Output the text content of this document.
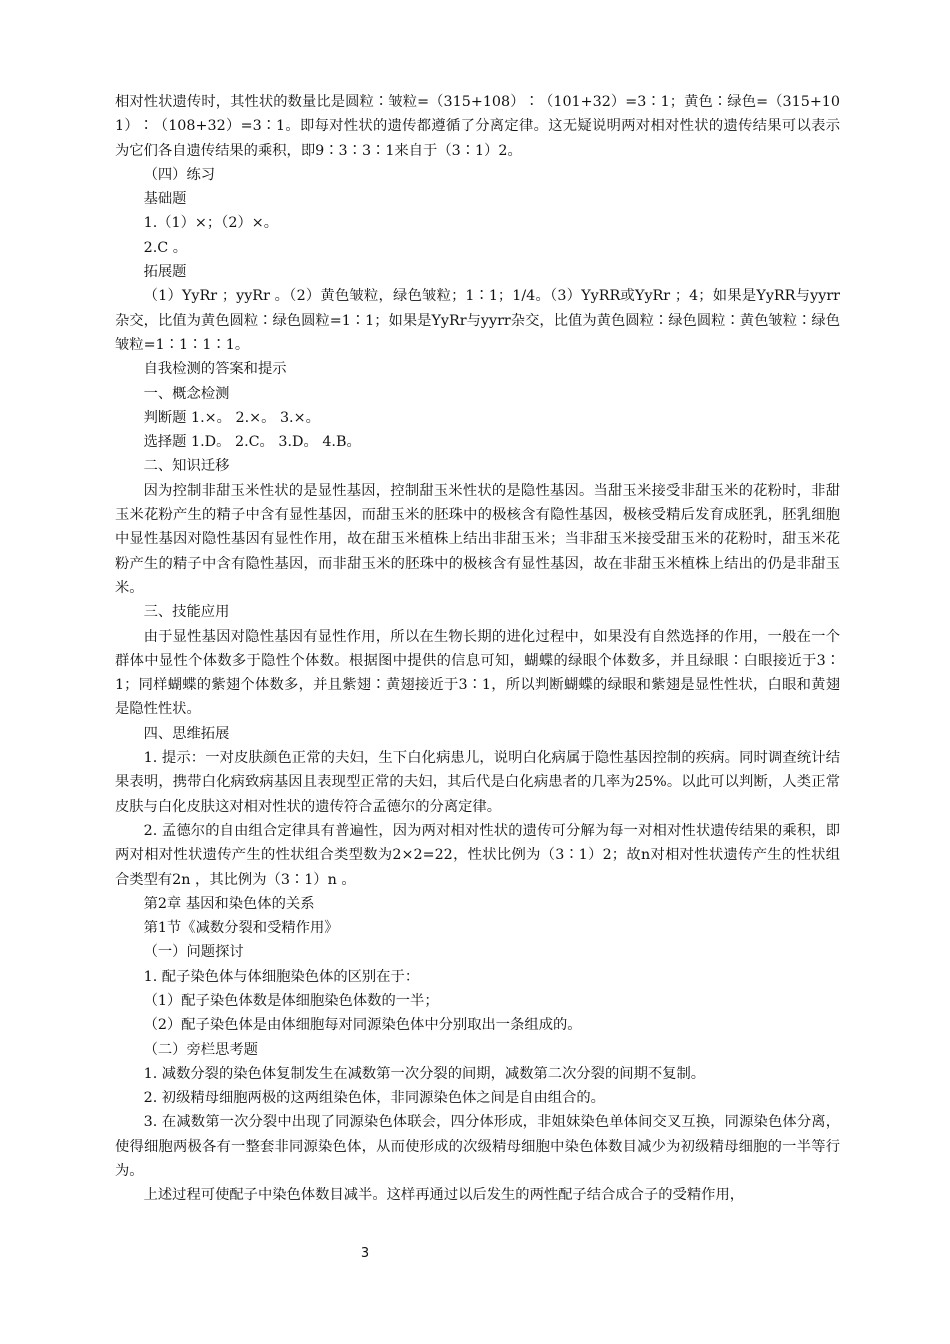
相对性状遗传时，其性状的数量比是圆粒∶皱粒=（315+108）∶（101+32）=3∶1；黄色∶绿色=（315+101）∶（108+32）=3∶1。即每对性状的遗传都遵循了分离定律。这无疑说明两对相对性状的遗传结果可以表示为它们各自遗传结果的乘积，即9∶3∶3∶1来自于（3∶1）2。

（四）练习

基础题

1.（1）×；（2）×。

2.C 。

拓展题

（1）YyRr ；yyRr 。（2）黄色皱粒，绿色皱粒；1∶1；1/4。（3）YyRR或YyRr ；4；如果是YyRR与yyrr杂交，比值为黄色圆粒∶绿色圆粒=1∶1；如果是YyRr与yyrr杂交，比值为黄色圆粒∶绿色圆粒∶黄色皱粒∶绿色皱粒=1∶1∶1∶1。

自我检测的答案和提示

一、概念检测

判断题 1.×。 2.×。 3.×。

选择题 1.D。 2.C。 3.D。 4.B。

二、知识迁移

因为控制非甜玉米性状的是显性基因，控制甜玉米性状的是隐性基因。当甜玉米接受非甜玉米的花粉时，非甜玉米花粉产生的精子中含有显性基因，而甜玉米的胚珠中的极核含有隐性基因，极核受精后发育成胚乳，胚乳细胞中显性基因对隐性基因有显性作用，故在甜玉米植株上结出非甜玉米；当非甜玉米接受甜玉米的花粉时，甜玉米花粉产生的精子中含有隐性基因，而非甜玉米的胚珠中的极核含有显性基因，故在非甜玉米植株上结出的仍是非甜玉米。

三、技能应用

由于显性基因对隐性基因有显性作用，所以在生物长期的进化过程中，如果没有自然选择的作用，一般在一个群体中显性个体数多于隐性个体数。根据图中提供的信息可知，蝴蝶的绿眼个体数多，并且绿眼∶白眼接近于3∶1；同样蝴蝶的紫翅个体数多，并且紫翅∶黄翅接近于3∶1，所以判断蝴蝶的绿眼和紫翅是显性性状，白眼和黄翅是隐性性状。

四、思维拓展

1. 提示：一对皮肤颜色正常的夫妇，生下白化病患儿，说明白化病属于隐性基因控制的疾病。同时调查统计结果表明，携带白化病致病基因且表现型正常的夫妇，其后代是白化病患者的几率为25%。以此可以判断，人类正常皮肤与白化皮肤这对相对性状的遗传符合孟德尔的分离定律。

2. 孟德尔的自由组合定律具有普遍性，因为两对相对性状的遗传可分解为每一对相对性状遗传结果的乘积，即两对相对性状遗传产生的性状组合类型数为2×2=22，性状比例为（3∶1）2；故n对相对性状遗传产生的性状组合类型有2n ，其比例为（3∶1）n 。

第2章 基因和染色体的关系

第1节《减数分裂和受精作用》

（一）问题探讨

1. 配子染色体与体细胞染色体的区别在于：

（1）配子染色体数是体细胞染色体数的一半；

（2）配子染色体是由体细胞每对同源染色体中分别取出一条组成的。

（二）旁栏思考题

1. 减数分裂的染色体复制发生在减数第一次分裂的间期，减数第二次分裂的间期不复制。

2. 初级精母细胞两极的这两组染色体，非同源染色体之间是自由组合的。

3. 在减数第一次分裂中出现了同源染色体联会，四分体形成，非姐妹染色单体间交叉互换，同源染色体分离，使得细胞两极各有一整套非同源染色体，从而使形成的次级精母细胞中染色体数目减少为初级精母细胞的一半等行为。

上述过程可使配子中染色体数目减半。这样再通过以后发生的两性配子结合成合子的受精作用，

3
